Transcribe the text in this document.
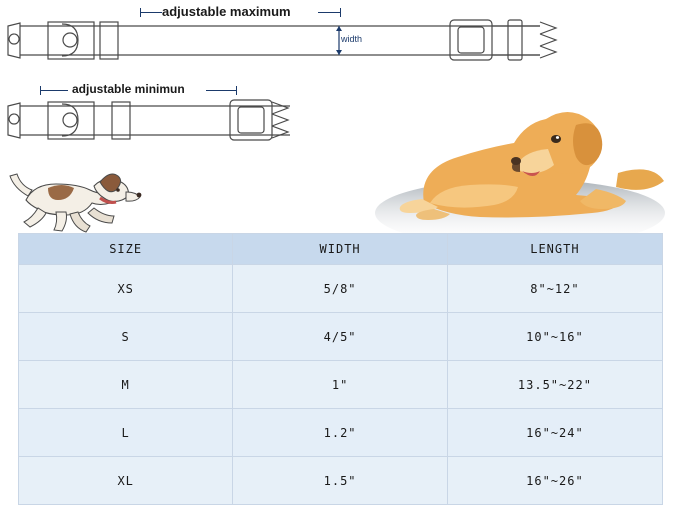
adjustable maximum
width
adjustable minimun
SIZE	WIDTH	LENGTH
XS	5/8"	8"~12"
S	4/5"	10"~16"
M	1"	13.5"~22"
L	1.2"	16"~24"
XL	1.5"	16"~26"
